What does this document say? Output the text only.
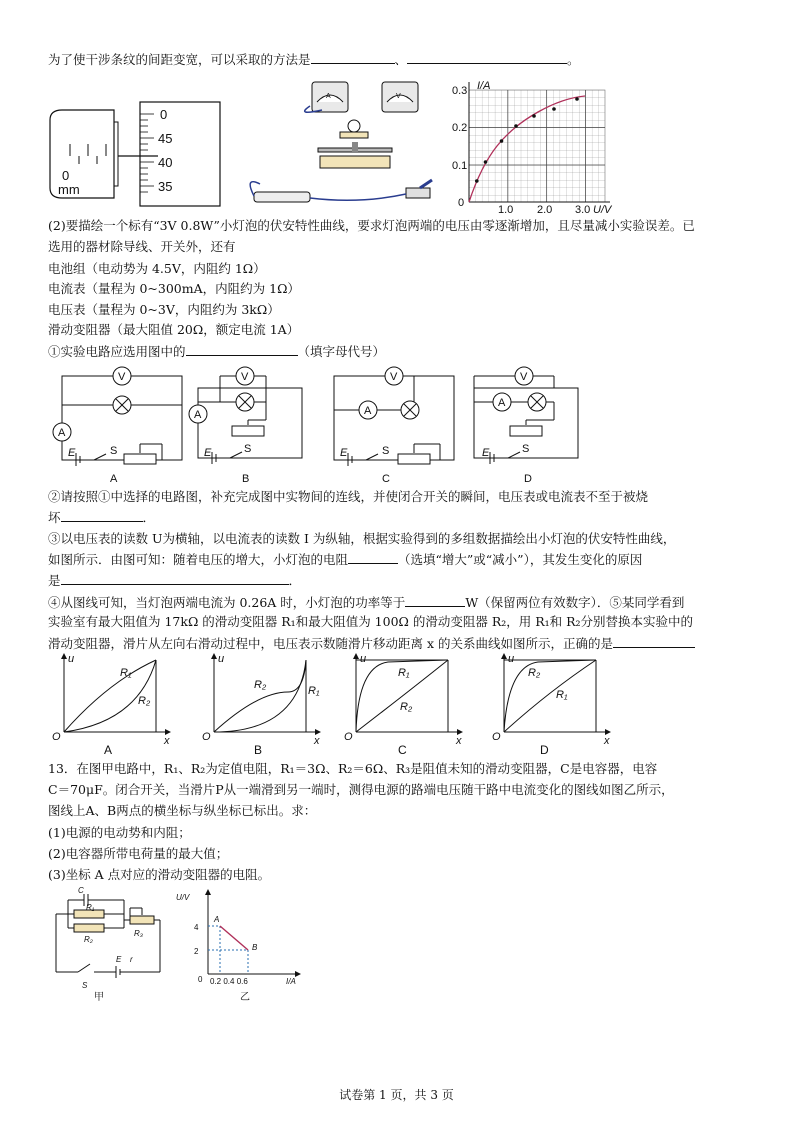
为了使干涉条纹的间距变宽，可以采取的方法是	、	。
0
45
40
35
0
mm
A	V
I/A
0.3
0.2
0.1
0
1.0 2.0 3.0 U/V
(2)要描绘一个标有“3V 0.8W”小灯泡的伏安特性曲线，要求灯泡两端的电压由零逐渐增加，且尽量减小实验误差。已
选用的器材除导线、开关外，还有
电池组（电动势为 4.5V，内阻约 1Ω）
电流表（量程为 0~300mA，内阻约为 1Ω）
电压表（量程为 0~3V，内阻约为 3kΩ）
滑动变阻器（最大阻值 20Ω，额定电流 1A）
①实验电路应选用图中的	（填字母代号）
V
A
E	S
A
V
A
E	S
B
V
A
E	S
C
V
A
E	S
D
②请按照①中选择的电路图，补充完成图中实物间的连线，并使闭合开关的瞬间，电压表或电流表不至于被烧
坏	．
③以电压表的读数 U为横轴，以电流表的读数 I 为纵轴，根据实验得到的多组数据描绘出小灯泡的伏安特性曲线，
如图所示．由图可知：随着电压的增大，小灯泡的电阻	（选填“增大”或“减小”），其发生变化的原因
是	．
④从图线可知，当灯泡两端电流为 0.26A 时，小灯泡的功率等于	W（保留两位有效数字）．⑤某同学看到
实验室有最大阻值为 17kΩ 的滑动变阻器 R₁和最大阻值为 100Ω 的滑动变阻器 R₂，用 R₁和 R₂分别替换本实验中的
滑动变阻器，滑片从左向右滑动过程中，电压表示数随滑片移动距离 x 的关系曲线如图所示，正确的是
u
x
O
R₁
R₂
u
x
O
R₂	R₁
u
x
O
R₁
R₂
u
x
O
R₂
R₁
A	B	C	D
13．在图甲电路中，R₁、R₂为定值电阻，R₁＝3Ω、R₂＝6Ω、R₃是阻值未知的滑动变阻器，C是电容器，电容
C＝70μF。闭合开关，当滑片P从一端滑到另一端时，测得电源的路端电压随干路中电流变化的图线如图乙所示，
图线上A、B两点的横坐标与纵坐标已标出。求：
(1)电源的电动势和内阻；
(2)电容器所带电荷量的最大值；
(3)坐标 A 点对应的滑动变阻器的电阻。
C
R₁
R₂
R₃
E r
S
甲
U/V
4
2
0 0.2 0.4 0.6	I/A
A
B
乙
试卷第 1 页，共 3 页
